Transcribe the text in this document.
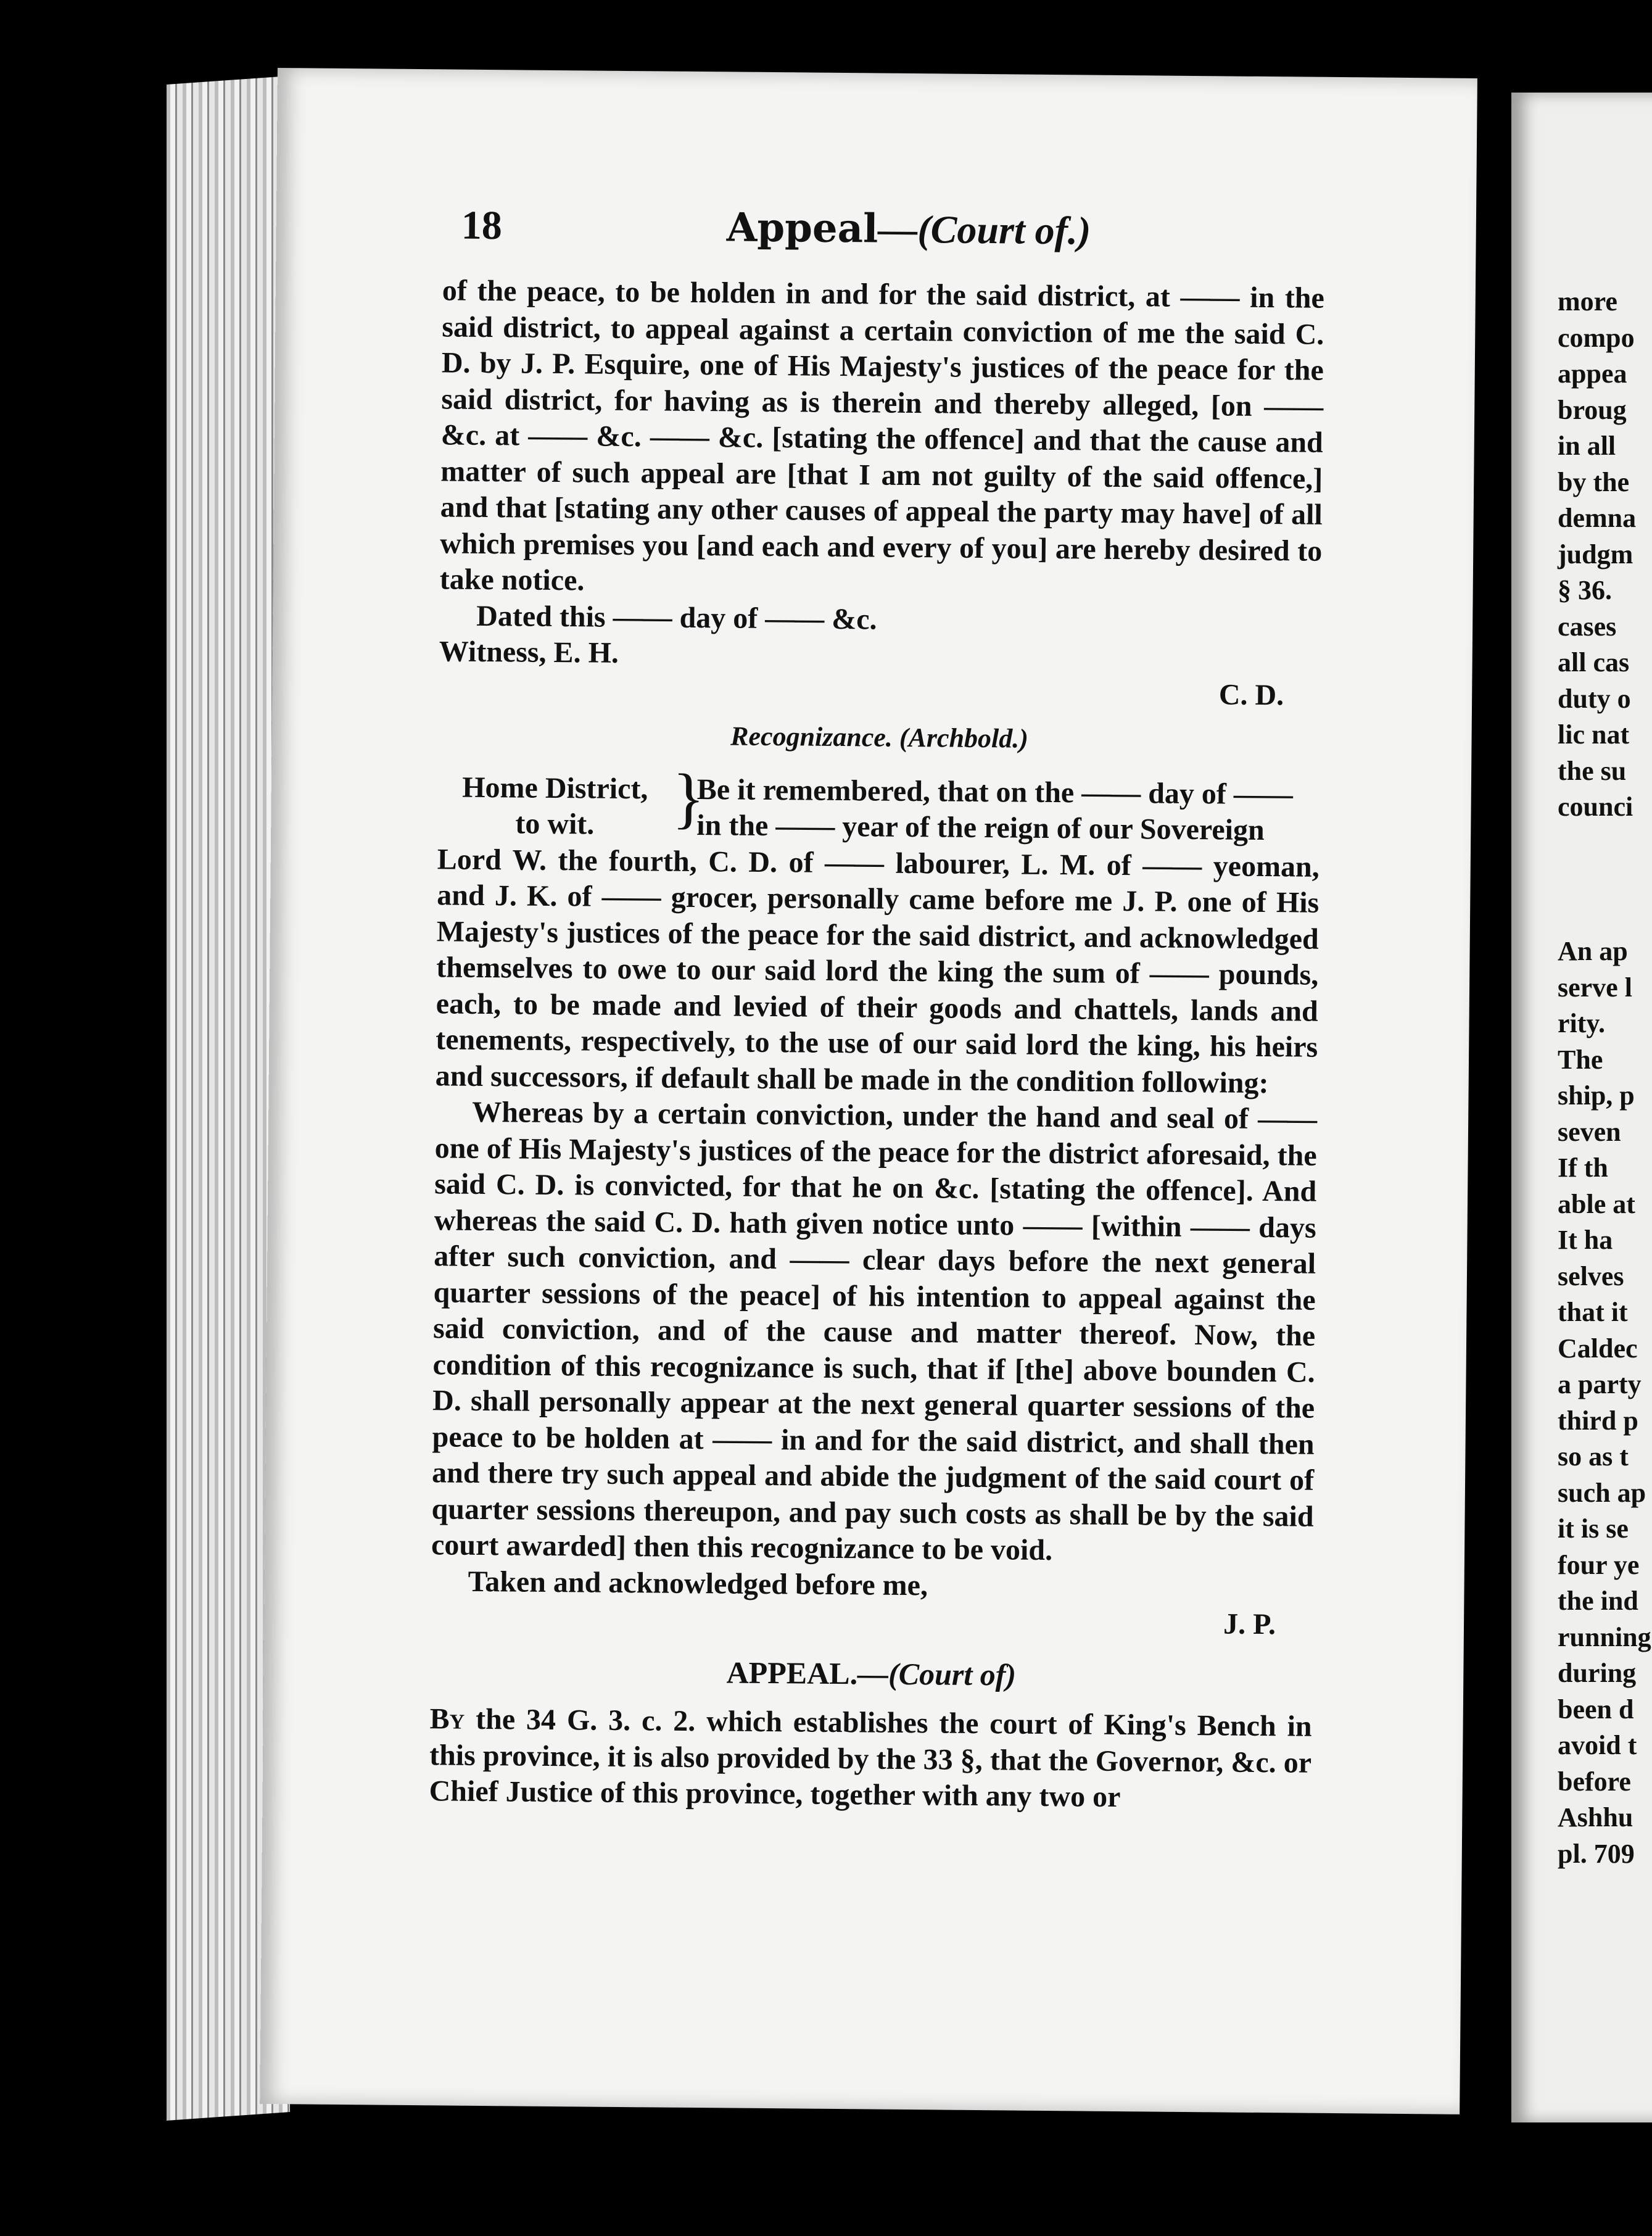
18	Appeal—(Court of.)

of the peace, to be holden in and for the said district, at —— in the said district, to appeal against a certain conviction of me the said C. D. by J. P. Esquire, one of His Majesty's justices of the peace for the said district, for having as is therein and thereby alleged, [on —— &c. at —— &c. —— &c. [stating the offence] and that the cause and matter of such appeal are [that I am not guilty of the said offence,] and that [stating any other causes of appeal the party may have] of all which premises you [and each and every of you] are hereby desired to take notice.

Dated this —— day of —— &c.

Witness, E. H.
C. D.
Recognizance. (Archbold.)
Home District,
to wit.	}
Be it remembered, that on the —— day of —— in the —— year of the reign of our Sovereign

Lord W. the fourth, C. D. of —— labourer, L. M. of —— yeoman, and J. K. of —— grocer, personally came before me J. P. one of His Majesty's justices of the peace for the said district, and acknowledged themselves to owe to our said lord the king the sum of —— pounds, each, to be made and levied of their goods and chattels, lands and tenements, respectively, to the use of our said lord the king, his heirs and successors, if default shall be made in the condition following:

Whereas by a certain conviction, under the hand and seal of —— one of His Majesty's justices of the peace for the district aforesaid, the said C. D. is convicted, for that he on &c. [stating the offence]. And whereas the said C. D. hath given notice unto —— [within —— days after such conviction, and —— clear days before the next general quarter sessions of the peace] of his intention to appeal against the said conviction, and of the cause and matter thereof. Now, the condition of this recognizance is such, that if [the] above bounden C. D. shall personally appear at the next general quarter sessions of the peace to be holden at —— in and for the said district, and shall then and there try such appeal and abide the judgment of the said court of quarter sessions thereupon, and pay such costs as shall be by the said court awarded] then this recognizance to be void.

Taken and acknowledged before me,

J. P.
APPEAL.—(Court of)

By the 34 G. 3. c. 2. which establishes the court of King's Bench in this province, it is also provided by the 33 §, that the Governor, &c. or Chief Justice of this province, together with any two or

more
compo
appea
broug
in all
by the
demna
judgm
§ 36.
cases
all cas
duty o
lic nat
the su
counci
An ap
serve l
rity.
The
ship, p
seven
If th
able at
It ha
selves
that it
Caldec
a party
third p
so as t
such ap
it is se
four ye
the ind
running
during
been d
avoid t
before
Ashhu
pl. 709
